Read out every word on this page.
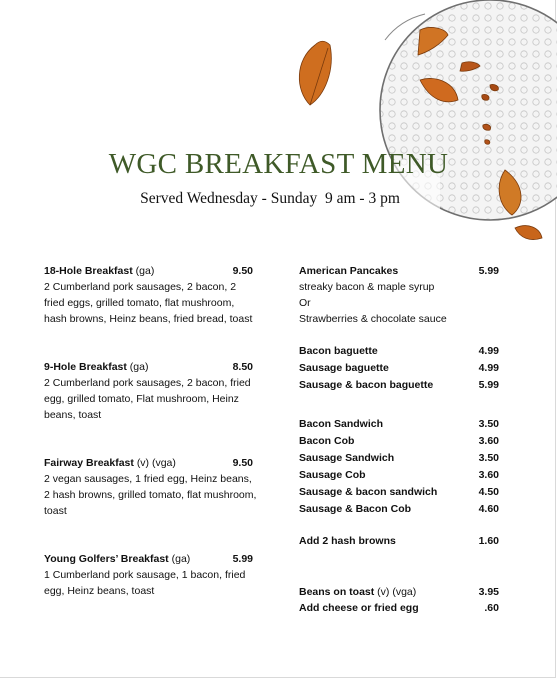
WGC BREAKFAST MENU
Served Wednesday - Sunday  9 am - 3 pm
18-Hole Breakfast (ga)	9.50
2 Cumberland pork sausages, 2 bacon, 2 fried eggs, grilled tomato, flat mushroom, hash browns, Heinz beans, fried bread, toast
9-Hole Breakfast (ga)	8.50
2 Cumberland pork sausages, 2 bacon, fried egg, grilled tomato, Flat mushroom, Heinz beans, toast
Fairway Breakfast (v) (vga)	9.50
2 vegan sausages, 1 fried egg, Heinz beans, 2 hash browns, grilled tomato, flat mushroom, toast
Young Golfers’ Breakfast (ga)	5.99
1 Cumberland pork sausage, 1 bacon, fried egg, Heinz beans, toast
American Pancakes	5.99
streaky bacon & maple syrup
Or
Strawberries & chocolate sauce
Bacon baguette	4.99
Sausage baguette	4.99
Sausage & bacon baguette	5.99
Bacon Sandwich	3.50
Bacon Cob	3.60
Sausage Sandwich	3.50
Sausage Cob	3.60
Sausage & bacon sandwich	4.50
Sausage & Bacon Cob	4.60
Add 2 hash browns	1.60
Beans on toast (v) (vga)	3.95
Add cheese or fried egg	.60
